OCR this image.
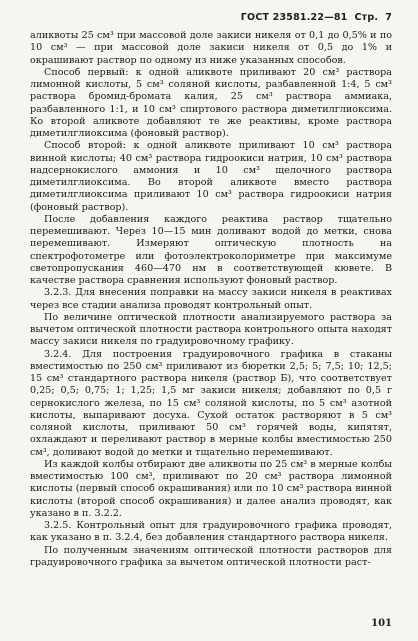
ГОСТ 23581.22—81 Стр. 7

аликвоты 25 см³ при массовой доле закиси никеля от 0,1 до 0,5% и по 10 см³ — при массовой доле закиси никеля от 0,5 до 1% и окрашивают раствор по одному из ниже указанных способов.

Способ первый: к одной аликвоте приливают 20 см³ раствора лимонной кислоты, 5 см³ соляной кислоты, разбавленной 1:4, 5 см³ раствора бромид-бромата калия, 25 см³ раствора аммиака, разбавленного 1:1, и 10 см³ спиртового раствора диметилглиоксима. Ко второй аликвоте добавляют те же реактивы, кроме раствора диметилглиоксима (фоновый раствор).

Способ второй: к одной аликвоте приливают 10 см³ раствора винной кислоты; 40 см³ раствора гидроокиси натрия, 10 см³ раствора надсернокислого аммония и 10 см³ щелочного раствора диметилглиоксима. Во второй аликвоте вместо раствора диметилглиоксима приливают 10 см³ раствора гидроокиси натрия (фоновый раствор).

После добавления каждого реактива раствор тщательно перемешивают. Через 10—15 мин доливают водой до метки, снова перемешивают. Измеряют оптическую плотность на спектрофотометре или фотоэлектроколориметре при максимуме светопропускания 460—470 нм в соответствующей кювете. В качестве раствора сравнения используют фоновый раствор.

3.2.3. Для внесения поправки на массу закиси никеля в реактивах через все стадии анализа проводят контрольный опыт.

По величине оптической плотности анализируемого раствора за вычетом оптической плотности раствора контрольного опыта находят массу закиси никеля по градуировочному графику.

3.2.4. Для построения градуировочного графика в стаканы вместимостью по 250 см³ приливают из бюретки 2,5; 5; 7,5; 10; 12,5; 15 см³ стандартного раствора никеля (раствор Б), что соответствует 0,25; 0,5; 0,75; 1; 1,25; 1,5 мг закиси никеля; добавляют по 0,5 г сернокислого железа, по 15 см³ соляной кислоты, по 5 см³ азотной кислоты, выпаривают досуха. Сухой остаток растворяют в 5 см³ соляной кислоты, приливают 50 см³ горячей воды, кипятят, охлаждают и переливают раствор в мерные колбы вместимостью 250 см³, доливают водой до метки и тщательно перемешивают.

Из каждой колбы отбирают две аликвоты по 25 см³ в мерные колбы вместимостью 100 см³, приливают по 20 см³ раствора лимонной кислоты (первый способ окрашивания) или по 10 см³ раствора винной кислоты (второй способ окрашивания) и далее анализ проводят, как указано в п. 3.2.2.

3.2.5. Контрольный опыт для градуировочного графика проводят, как указано в п. 3.2.4, без добавления стандартного раствора никеля.

По полученным значениям оптической плотности растворов для градуировочного графика за вычетом оптической плотности раст-

101
